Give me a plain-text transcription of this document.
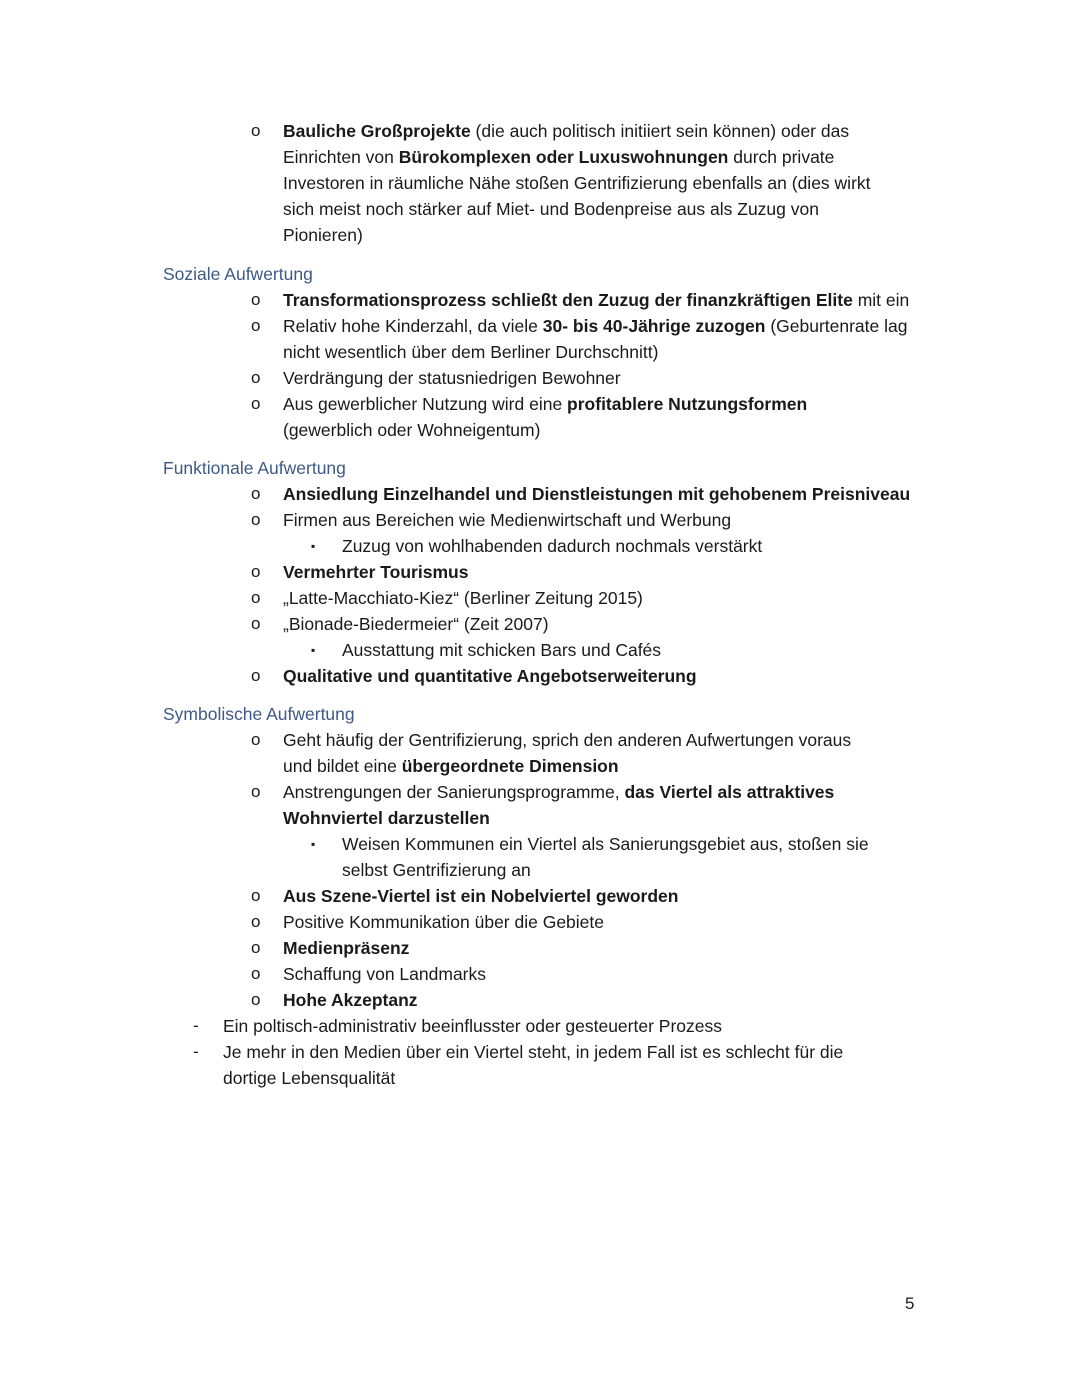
o Bauliche Großprojekte (die auch politisch initiiert sein können) oder das
Einrichten von Bürokomplexen oder Luxuswohnungen durch private
Investoren in räumliche Nähe stoßen Gentrifizierung ebenfalls an (dies wirkt
sich meist noch stärker auf Miet- und Bodenpreise aus als Zuzug von
Pionieren)
Soziale Aufwertung
o Transformationsprozess schließt den Zuzug der finanzkräftigen Elite mit ein
o Relativ hohe Kinderzahl, da viele 30- bis 40-Jährige zuzogen (Geburtenrate lag
nicht wesentlich über dem Berliner Durchschnitt)
o Verdrängung der statusniedrigen Bewohner
o Aus gewerblicher Nutzung wird eine profitablere Nutzungsformen
(gewerblich oder Wohneigentum)
Funktionale Aufwertung
o Ansiedlung Einzelhandel und Dienstleistungen mit gehobenem Preisniveau
o Firmen aus Bereichen wie Medienwirtschaft und Werbung
▪ Zuzug von wohlhabenden dadurch nochmals verstärkt
o Vermehrter Tourismus
o „Latte-Macchiato-Kiez“ (Berliner Zeitung 2015)
o „Bionade-Biedermeier“ (Zeit 2007)
▪ Ausstattung mit schicken Bars und Cafés
o Qualitative und quantitative Angebotserweiterung
Symbolische Aufwertung
o Geht häufig der Gentrifizierung, sprich den anderen Aufwertungen voraus
und bildet eine übergeordnete Dimension
o Anstrengungen der Sanierungsprogramme, das Viertel als attraktives
Wohnviertel darzustellen
▪ Weisen Kommunen ein Viertel als Sanierungsgebiet aus, stoßen sie
selbst Gentrifizierung an
o Aus Szene-Viertel ist ein Nobelviertel geworden
o Positive Kommunikation über die Gebiete
o Medienpräsenz
o Schaffung von Landmarks
o Hohe Akzeptanz
- Ein poltisch-administrativ beeinflusster oder gesteuerter Prozess
- Je mehr in den Medien über ein Viertel steht, in jedem Fall ist es schlecht für die
dortige Lebensqualität
5
